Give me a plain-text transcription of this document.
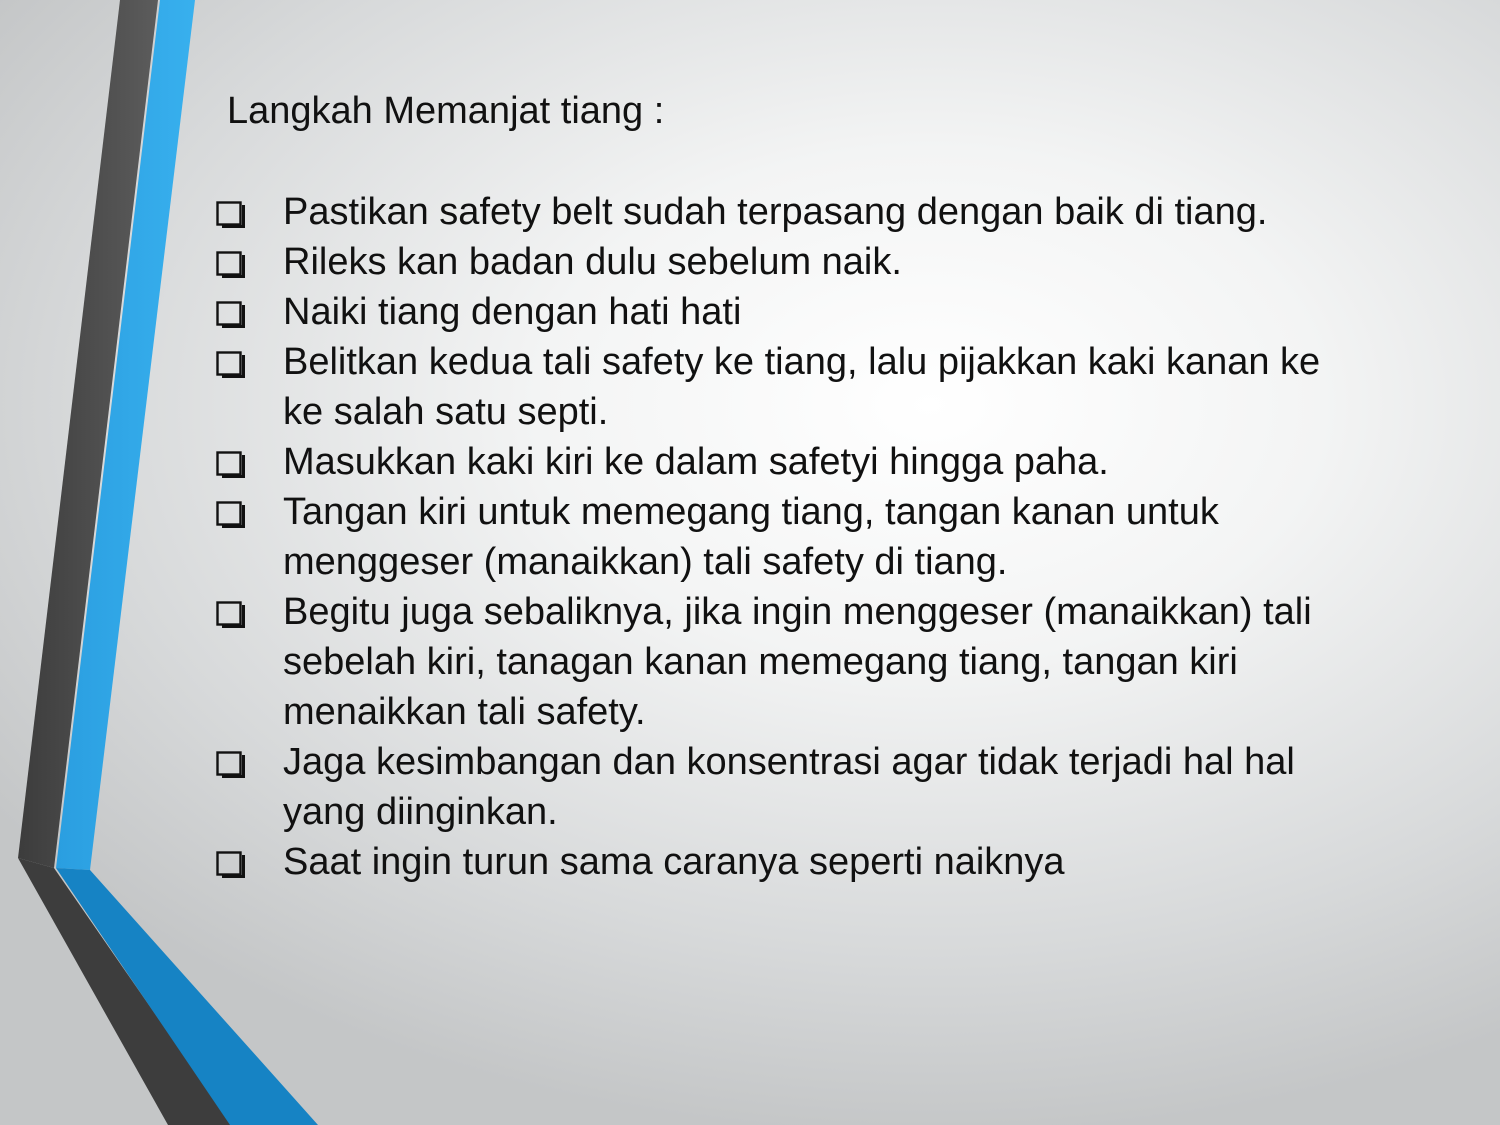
Langkah Memanjat tiang :
Pastikan safety belt sudah terpasang dengan baik di tiang.
Rileks kan badan dulu sebelum naik.
Naiki tiang dengan hati hati
Belitkan kedua tali safety ke tiang, lalu pijakkan kaki kanan ke
ke salah satu septi.
Masukkan kaki kiri ke dalam safetyi hingga paha.
Tangan kiri untuk memegang tiang, tangan kanan untuk
menggeser (manaikkan) tali safety di tiang.
Begitu juga sebaliknya, jika ingin menggeser (manaikkan) tali
sebelah kiri, tanagan kanan memegang tiang, tangan kiri
menaikkan tali safety.
Jaga kesimbangan dan konsentrasi agar tidak terjadi hal hal
yang diinginkan.
Saat ingin turun sama caranya seperti naiknya
